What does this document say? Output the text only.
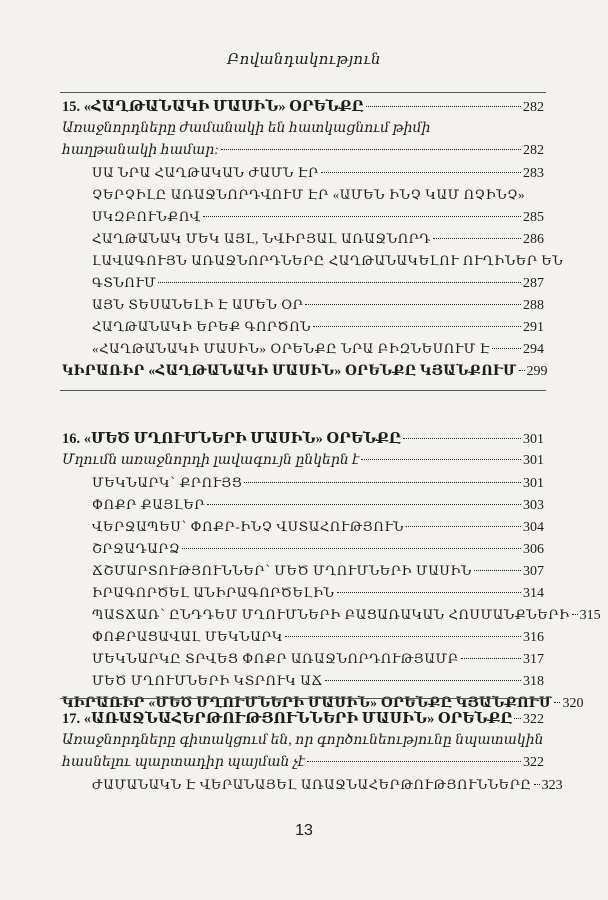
Բովանդակություն
15. «ՀԱՂԹԱՆԱԿԻ ՄԱՍԻՆ» ՕՐԵՆՔԸ	282
Առաջնորդները ժամանակի են հատկացնում թիմի
հաղթանակի համար:	282
ՍԱ ՆՐԱ ՀԱՂԹԱԿԱՆ ԺԱՄՆ ԷՐ	283
ՉԵՐՉԻԼԸ ԱՌԱՋՆՈՐԴՎՈՒՄ ԷՐ «ԱՄԵՆ ԻՆՉ ԿԱՄ ՈՉԻՆՉ»
ՍԿԶԲՈՒՆՔՈՎ	285
ՀԱՂԹԱՆԱԿ ՄԵԿ ԱՅԼ, ՆՎԻՐՅԱԼ ԱՌԱՋՆՈՐԴ	286
ԼԱՎԱԳՈՒՅՆ ԱՌԱՋՆՈՐԴՆԵՐԸ ՀԱՂԹԱՆԱԿԵԼՈՒ ՈՒՂԻՆԵՐ ԵՆ
ԳՏՆՈՒՄ	287
ԱՅՆ ՏԵՍԱՆԵԼԻ Է ԱՄԵՆ ՕՐ	288
ՀԱՂԹԱՆԱԿԻ ԵՐԵՔ ԳՈՐԾՈՆ	291
«ՀԱՂԹԱՆԱԿԻ ՄԱՍԻՆ» ՕՐԵՆՔԸ ՆՐԱ ԲԻԶՆԵՍՈՒՄ Է 294
ԿԻՐԱՌԻՐ «ՀԱՂԹԱՆԱԿԻ ՄԱՍԻՆ» ՕՐԵՆՔԸ ԿՅԱՆՔՈՒՄ 299
16. «ՄԵԾ ՄՂՈՒՄՆԵՐԻ ՄԱՍԻՆ» ՕՐԵՆՔԸ	301
Մղումն առաջնորդի լավագույն ընկերն է	301
ՄԵԿՆԱՐԿ՝ ՔՐՈՒՅՑ	301
ՓՈՔՐ ՔԱՅԼԵՐ	303
ՎԵՐՋԱՊԵՍ՝ ՓՈՔՐ-ԻՆՉ ՎՍՏԱՀՈՒԹՅՈՒՆ	304
ՇՐՋԱԴԱՐՁ	306
ՃՇՄԱՐՏՈՒԹՅՈՒՆՆԵՐ՝ ՄԵԾ ՄՂՈՒՄՆԵՐԻ ՄԱՍԻՆ	307
ԻՐԱԳՈՐԾԵԼ ԱՆԻՐԱԳՈՐԾԵԼԻՆ	314
ՊԱՏՃԱՌ՝ ԸՆԴԴԵՄ ՄՂՈՒՄՆԵՐԻ ԲԱՑԱՌԱԿԱՆ ՀՈՍՄԱՆՔՆԵՐԻ 315
ՓՈՔՐԱՑԱՎԱԼ ՄԵԿՆԱՐԿ	316
ՄԵԿՆԱՐԿԸ ՏՐՎԵՑ ՓՈՔՐ ԱՌԱՋՆՈՐԴՈՒԹՅԱՄԲ	317
ՄԵԾ ՄՂՈՒՄՆԵՐԻ ԿՏՐՈՒԿ ԱՃ	318
ԿԻՐԱՌԻՐ «ՄԵԾ ՄՂՈՒՄՆԵՐԻ ՄԱՍԻՆ» ՕՐԵՆՔԸ ԿՅԱՆՔՈՒՄ 320
17. «ԱՌԱՋՆԱՀԵՐԹՈՒԹՅՈՒՆՆԵՐԻ ՄԱՍԻՆ» ՕՐԵՆՔԸ 322
Առաջնորդները գիտակցում են, որ գործունեությունը նպատակին
հասնելու պարտադիր պայման չէ	322
ԺԱՄԱՆԱԿՆ Է ՎԵՐԱՆԱՅԵԼ ԱՌԱՋՆԱՀԵՐԹՈՒԹՅՈՒՆՆԵՐԸ 323
13
